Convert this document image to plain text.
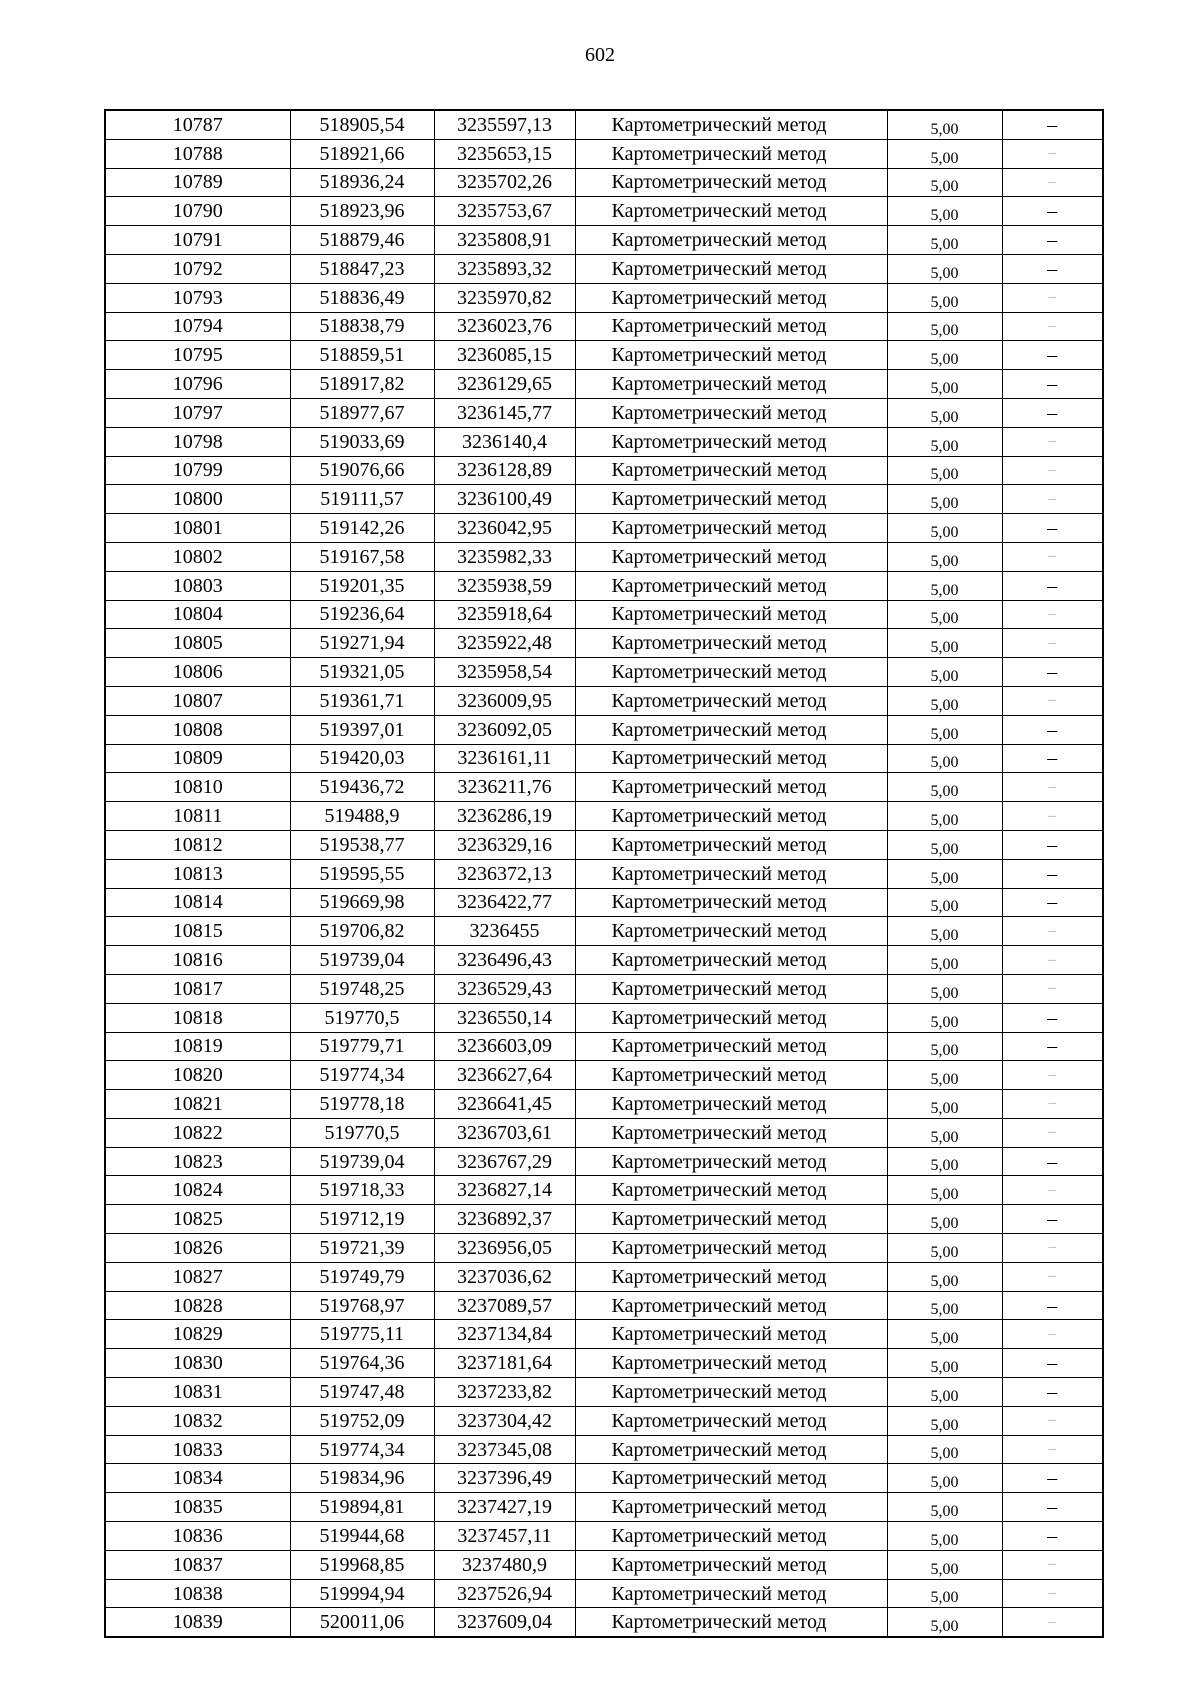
602
10787	518905,54	3235597,13	Картометрический метод	5,00	–
10788	518921,66	3235653,15	Картометрический метод	5,00	–
10789	518936,24	3235702,26	Картометрический метод	5,00	–
10790	518923,96	3235753,67	Картометрический метод	5,00	–
10791	518879,46	3235808,91	Картометрический метод	5,00	–
10792	518847,23	3235893,32	Картометрический метод	5,00	–
10793	518836,49	3235970,82	Картометрический метод	5,00	–
10794	518838,79	3236023,76	Картометрический метод	5,00	–
10795	518859,51	3236085,15	Картометрический метод	5,00	–
10796	518917,82	3236129,65	Картометрический метод	5,00	–
10797	518977,67	3236145,77	Картометрический метод	5,00	–
10798	519033,69	3236140,4	Картометрический метод	5,00	–
10799	519076,66	3236128,89	Картометрический метод	5,00	–
10800	519111,57	3236100,49	Картометрический метод	5,00	–
10801	519142,26	3236042,95	Картометрический метод	5,00	–
10802	519167,58	3235982,33	Картометрический метод	5,00	–
10803	519201,35	3235938,59	Картометрический метод	5,00	–
10804	519236,64	3235918,64	Картометрический метод	5,00	–
10805	519271,94	3235922,48	Картометрический метод	5,00	–
10806	519321,05	3235958,54	Картометрический метод	5,00	–
10807	519361,71	3236009,95	Картометрический метод	5,00	–
10808	519397,01	3236092,05	Картометрический метод	5,00	–
10809	519420,03	3236161,11	Картометрический метод	5,00	–
10810	519436,72	3236211,76	Картометрический метод	5,00	–
10811	519488,9	3236286,19	Картометрический метод	5,00	–
10812	519538,77	3236329,16	Картометрический метод	5,00	–
10813	519595,55	3236372,13	Картометрический метод	5,00	–
10814	519669,98	3236422,77	Картометрический метод	5,00	–
10815	519706,82	3236455	Картометрический метод	5,00	–
10816	519739,04	3236496,43	Картометрический метод	5,00	–
10817	519748,25	3236529,43	Картометрический метод	5,00	–
10818	519770,5	3236550,14	Картометрический метод	5,00	–
10819	519779,71	3236603,09	Картометрический метод	5,00	–
10820	519774,34	3236627,64	Картометрический метод	5,00	–
10821	519778,18	3236641,45	Картометрический метод	5,00	–
10822	519770,5	3236703,61	Картометрический метод	5,00	–
10823	519739,04	3236767,29	Картометрический метод	5,00	–
10824	519718,33	3236827,14	Картометрический метод	5,00	–
10825	519712,19	3236892,37	Картометрический метод	5,00	–
10826	519721,39	3236956,05	Картометрический метод	5,00	–
10827	519749,79	3237036,62	Картометрический метод	5,00	–
10828	519768,97	3237089,57	Картометрический метод	5,00	–
10829	519775,11	3237134,84	Картометрический метод	5,00	–
10830	519764,36	3237181,64	Картометрический метод	5,00	–
10831	519747,48	3237233,82	Картометрический метод	5,00	–
10832	519752,09	3237304,42	Картометрический метод	5,00	–
10833	519774,34	3237345,08	Картометрический метод	5,00	–
10834	519834,96	3237396,49	Картометрический метод	5,00	–
10835	519894,81	3237427,19	Картометрический метод	5,00	–
10836	519944,68	3237457,11	Картометрический метод	5,00	–
10837	519968,85	3237480,9	Картометрический метод	5,00	–
10838	519994,94	3237526,94	Картометрический метод	5,00	–
10839	520011,06	3237609,04	Картометрический метод	5,00	–
